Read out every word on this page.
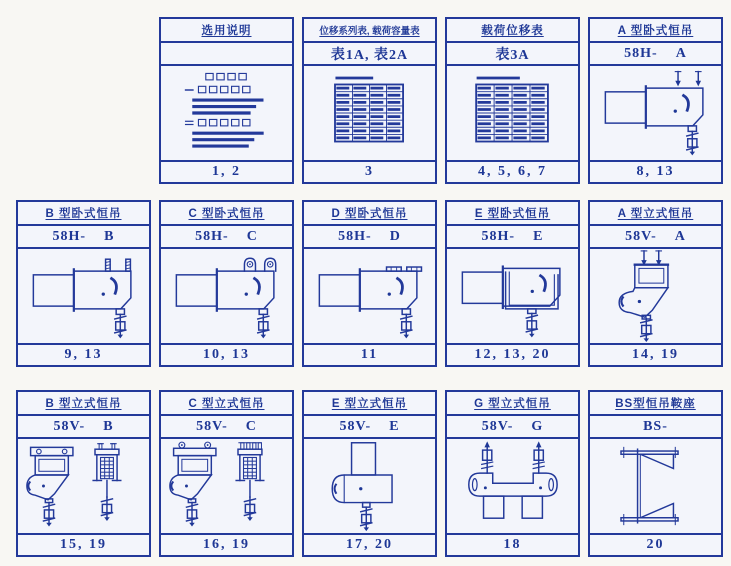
选用说明
1, 2
位移系列表, 载荷容量表
表1A, 表2A
3
载荷位移表
表3A
4, 5, 6, 7
A 型卧式恒吊
58H- A
8, 13
B 型卧式恒吊
58H- B
9, 13
C 型卧式恒吊
58H- C
10, 13
D 型卧式恒吊
58H- D
11
E 型卧式恒吊
58H- E
12, 13, 20
A 型立式恒吊
58V- A
14, 19
B 型立式恒吊
58V- B
15, 19
C 型立式恒吊
58V- C
16, 19
E 型立式恒吊
58V- E
17, 20
G 型立式恒吊
58V- G
18
BS型恒吊鞍座
BS-
20
